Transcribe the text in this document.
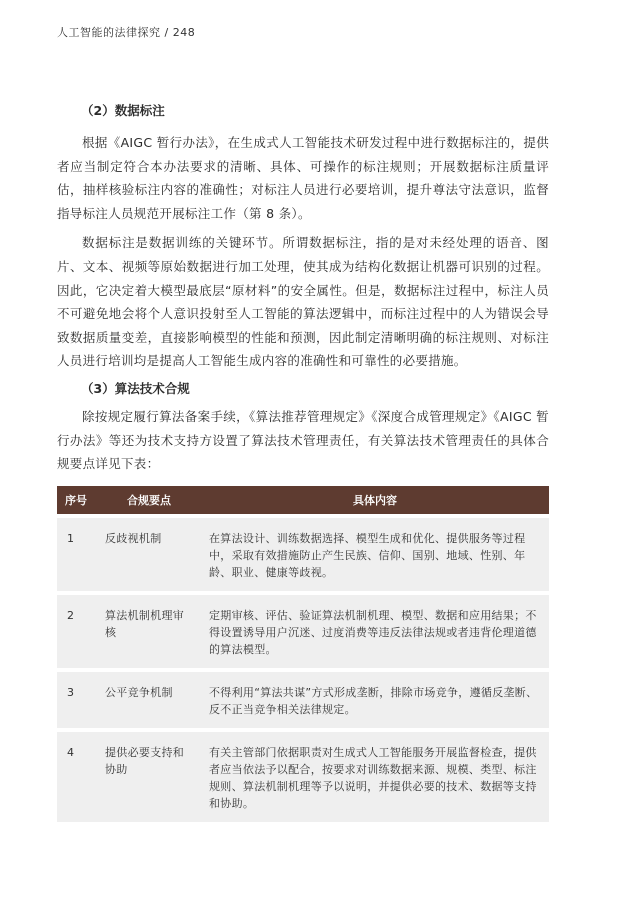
人工智能的法律探究 / 248
（2）数据标注

根据《AIGC 暂行办法》，在生成式人工智能技术研发过程中进行数据标注的，提供者应当制定符合本办法要求的清晰、具体、可操作的标注规则；开展数据标注质量评估，抽样核验标注内容的准确性；对标注人员进行必要培训，提升尊法守法意识，监督指导标注人员规范开展标注工作（第 8 条）。

数据标注是数据训练的关键环节。所谓数据标注，指的是对未经处理的语音、图片、文本、视频等原始数据进行加工处理，使其成为结构化数据让机器可识别的过程。因此，它决定着大模型最底层“原材料”的安全属性。但是，数据标注过程中，标注人员不可避免地会将个人意识投射至人工智能的算法逻辑中，而标注过程中的人为错误会导致数据质量变差，直接影响模型的性能和预测，因此制定清晰明确的标注规则、对标注人员进行培训均是提高人工智能生成内容的准确性和可靠性的必要措施。

（3）算法技术合规

除按规定履行算法备案手续，《算法推荐管理规定》《深度合成管理规定》《AIGC 暂行办法》等还为技术支持方设置了算法技术管理责任，有关算法技术管理责任的具体合规要点详见下表：

序号	合规要点	具体内容
1	反歧视机制	在算法设计、训练数据选择、模型生成和优化、提供服务等过程中，采取有效措施防止产生民族、信仰、国别、地域、性别、年龄、职业、健康等歧视。
2	算法机制机理审核	定期审核、评估、验证算法机制机理、模型、数据和应用结果；不得设置诱导用户沉迷、过度消费等违反法律法规或者违背伦理道德的算法模型。
3	公平竞争机制	不得利用“算法共谋”方式形成垄断，排除市场竞争，遵循反垄断、反不正当竞争相关法律规定。
4	提供必要支持和协助	有关主管部门依据职责对生成式人工智能服务开展监督检查，提供者应当依法予以配合，按要求对训练数据来源、规模、类型、标注规则、算法机制机理等予以说明，并提供必要的技术、数据等支持和协助。
